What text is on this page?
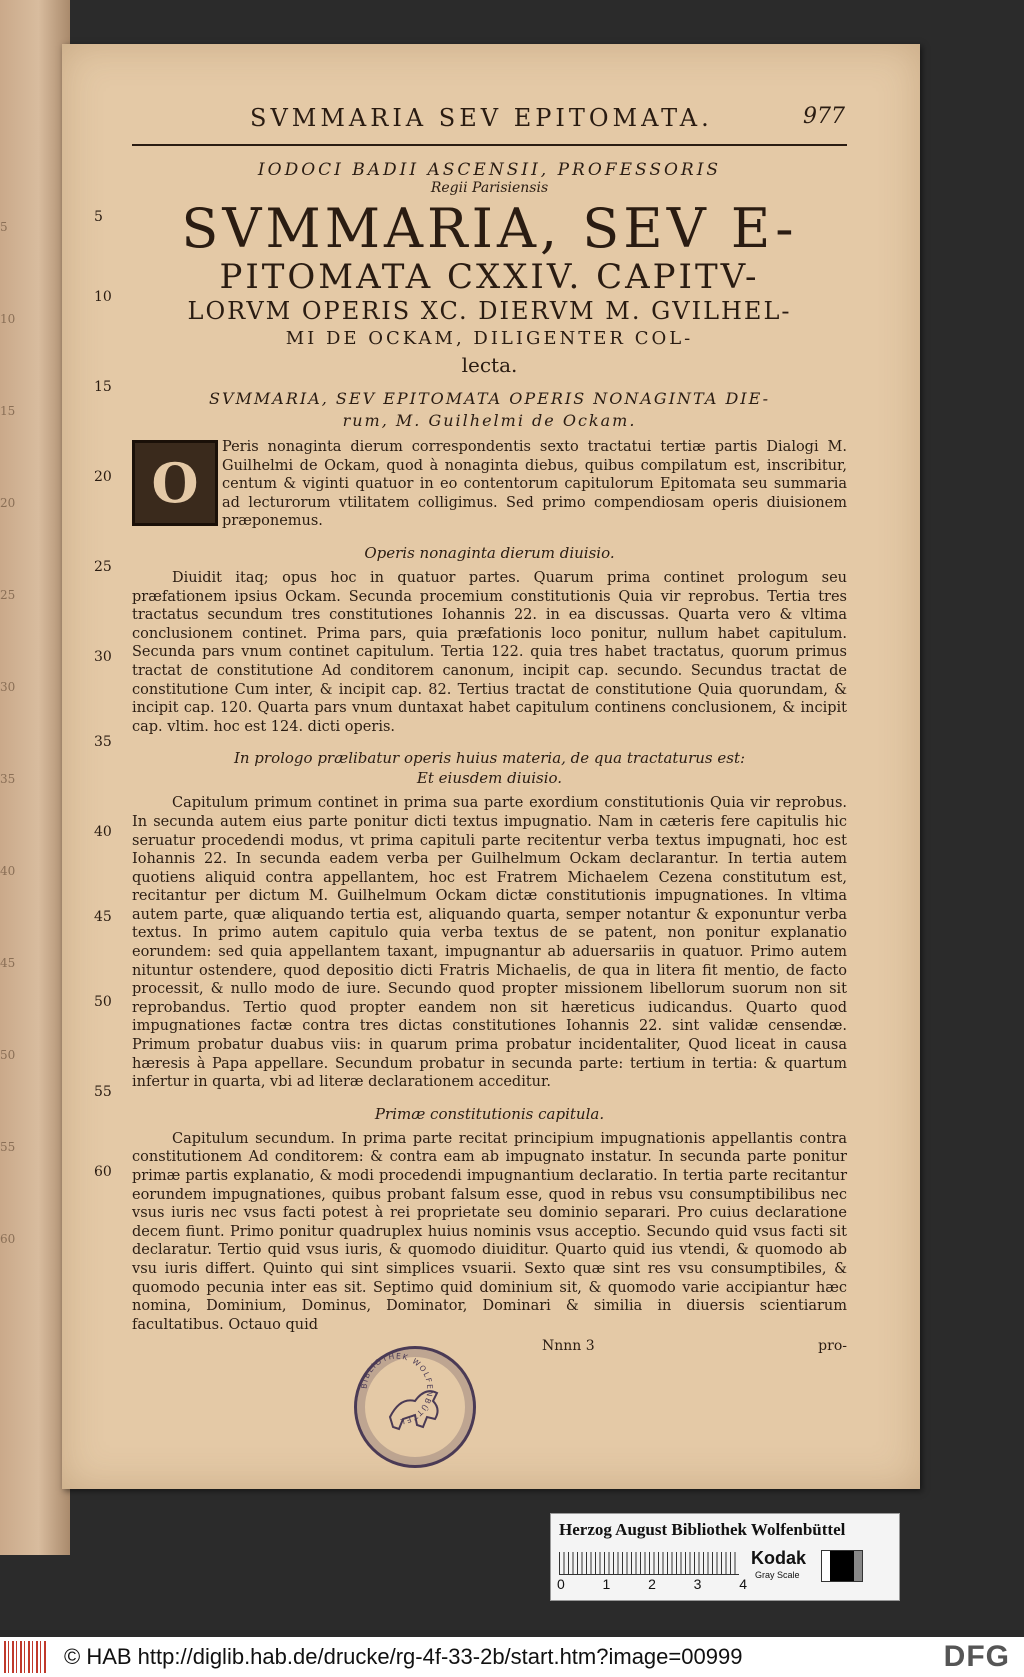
5
10
15
20
25
30
35
40
45
50
55
60
5
10
15
20
25
30
35
40
45
50
55
60
SVMMARIA SEV EPITOMATA.	977
IODOCI BADII ASCENSII, PROFESSORIS
Regii Parisiensis
SVMMARIA, SEV E-
PITOMATA CXXIV. CAPITV-
LORVM OPERIS XC. DIERVM M. GVILHEL-
MI DE OCKAM, DILIGENTER COL-
lecta.
SVMMARIA, SEV EPITOMATA OPERIS NONAGINTA DIE-
rum, M. Guilhelmi de Ockam.
O
Peris nonaginta dierum correspondentis sexto tractatui tertiæ partis Dialogi M. Guilhelmi de Ockam, quod à nonaginta diebus, quibus compilatum est, inscribitur, centum & viginti quatuor in eo contentorum capitulorum Epitomata seu summaria ad lecturorum vtilitatem colligimus. Sed primo compendiosam operis diuisionem præponemus.
Operis nonaginta dierum diuisio.

Diuidit itaq; opus hoc in quatuor partes. Quarum prima continet prologum seu præfationem ipsius Ockam. Secunda procemium constitutionis Quia vir reprobus. Tertia tres tractatus secundum tres constitutiones Iohannis 22. in ea discussas. Quarta vero & vltima conclusionem continet. Prima pars, quia præfationis loco ponitur, nullum habet capitulum. Secunda pars vnum continet capitulum. Tertia 122. quia tres habet tractatus, quorum primus tractat de constitutione Ad conditorem canonum, incipit cap. secundo. Secundus tractat de constitutione Cum inter, & incipit cap. 82. Tertius tractat de constitutione Quia quorundam, & incipit cap. 120. Quarta pars vnum duntaxat habet capitulum continens conclusionem, & incipit cap. vltim. hoc est 124. dicti operis.

In prologo prælibatur operis huius materia, de qua tractaturus est:
Et eiusdem diuisio.

Capitulum primum continet in prima sua parte exordium constitutionis Quia vir reprobus. In secunda autem eius parte ponitur dicti textus impugnatio. Nam in cæteris fere capitulis hic seruatur procedendi modus, vt prima capituli parte recitentur verba textus impugnati, hoc est Iohannis 22. In secunda eadem verba per Guilhelmum Ockam declarantur. In tertia autem quotiens aliquid contra appellantem, hoc est Fratrem Michaelem Cezena constitutum est, recitantur per dictum M. Guilhelmum Ockam dictæ constitutionis impugnationes. In vltima autem parte, quæ aliquando tertia est, aliquando quarta, semper notantur & exponuntur verba textus. In primo autem capitulo quia verba textus de se patent, non ponitur explanatio eorundem: sed quia appellantem taxant, impugnantur ab aduersariis in quatuor. Primo autem nituntur ostendere, quod depositio dicti Fratris Michaelis, de qua in litera fit mentio, de facto processit, & nullo modo de iure. Secundo quod propter missionem libellorum suorum non sit reprobandus. Tertio quod propter eandem non sit hæreticus iudicandus. Quarto quod impugnationes factæ contra tres dictas constitutiones Iohannis 22. sint validæ censendæ. Primum probatur duabus viis: in quarum prima probatur incidentaliter, Quod liceat in causa hæresis à Papa appellare. Secundum probatur in secunda parte: tertium in tertia: & quartum infertur in quarta, vbi ad literæ declarationem acceditur.

Primæ constitutionis capitula.

Capitulum secundum. In prima parte recitat principium impugnationis appellantis contra constitutionem Ad conditorem: & contra eam ab impugnato instatur. In secunda parte ponitur primæ partis explanatio, & modi procedendi impugnantium declaratio. In tertia parte recitantur eorundem impugnationes, quibus probant falsum esse, quod in rebus vsu consumptibilibus nec vsus iuris nec vsus facti potest à rei proprietate seu dominio separari. Pro cuius declaratione decem fiunt. Primo ponitur quadruplex huius nominis vsus acceptio. Secundo quid vsus facti sit declaratur. Tertio quid vsus iuris, & quomodo diuiditur. Quarto quid ius vtendi, & quomodo ab vsu iuris differt. Quinto qui sint simplices vsuarii. Sexto quæ sint res vsu consumptibiles, & quomodo pecunia inter eas sit. Septimo quid dominium sit, & quomodo varie accipiantur hæc nomina, Dominium, Dominus, Dominator, Dominari & similia in diuersis scientiarum facultatibus. Octauo quid

Nnnn 3	pro-
BIBLIOTHEK WOLFENBÜTTEL
Herzog August Bibliothek Wolfenbüttel
0	1	2	3	4
Kodak
Gray Scale
© HAB http://diglib.hab.de/drucke/rg-4f-33-2b/start.htm?image=00999	DFG
